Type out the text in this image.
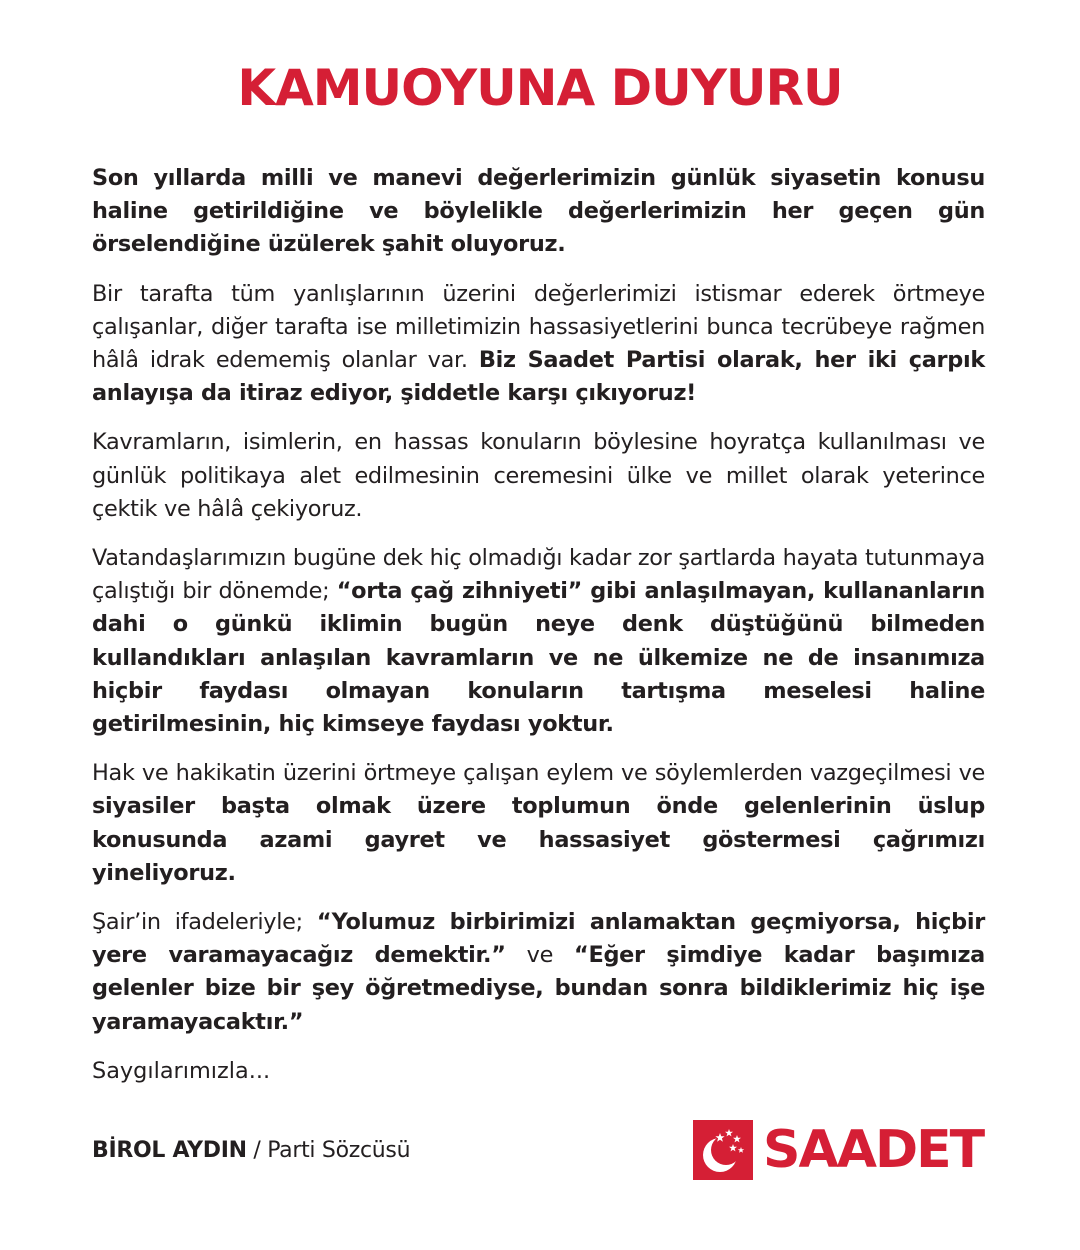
KAMUOYUNA DUYURU

Son yıllarda milli ve manevi değerlerimizin günlük siyasetin konusu haline getirildiğine ve böylelikle değerlerimizin her geçen gün örselendiğine üzülerek şahit oluyoruz.

Bir tarafta tüm yanlışlarının üzerini değerlerimizi istismar ederek örtmeye çalışanlar, diğer tarafta ise milletimizin hassasiyetlerini bunca tecrübeye rağmen hâlâ idrak edememiş olanlar var. Biz Saadet Partisi olarak, her iki çarpık anlayışa da itiraz ediyor, şiddetle karşı çıkıyoruz!

Kavramların, isimlerin, en hassas konuların böylesine hoyratça kullanılması ve günlük politikaya alet edilmesinin ceremesini ülke ve millet olarak yeterince çektik ve hâlâ çekiyoruz.

Vatandaşlarımızın bugüne dek hiç olmadığı kadar zor şartlarda hayata tutunmaya çalıştığı bir dönemde; “orta çağ zihniyeti” gibi anlaşılmayan, kullananların dahi o günkü iklimin bugün neye denk düştüğünü bilmeden kullandıkları anlaşılan kavramların ve ne ülkemize ne de insanımıza hiçbir faydası olmayan konuların tartışma meselesi haline getirilmesinin, hiç kimseye faydası yoktur.

Hak ve hakikatin üzerini örtmeye çalışan eylem ve söylemlerden vazgeçilmesi ve siyasiler başta olmak üzere toplumun önde gelenlerinin üslup konusunda azami gayret ve hassasiyet göstermesi çağrımızı yineliyoruz.

Şair’in ifadeleriyle; “Yolumuz birbirimizi anlamaktan geçmiyorsa, hiçbir yere varamayacağız demektir.” ve “Eğer şimdiye kadar başımıza gelenler bize bir şey öğretmediyse, bundan sonra bildiklerimiz hiç işe yaramayacaktır.”

Saygılarımızla...

BİROL AYDIN / Parti Sözcüsü	SAADET
